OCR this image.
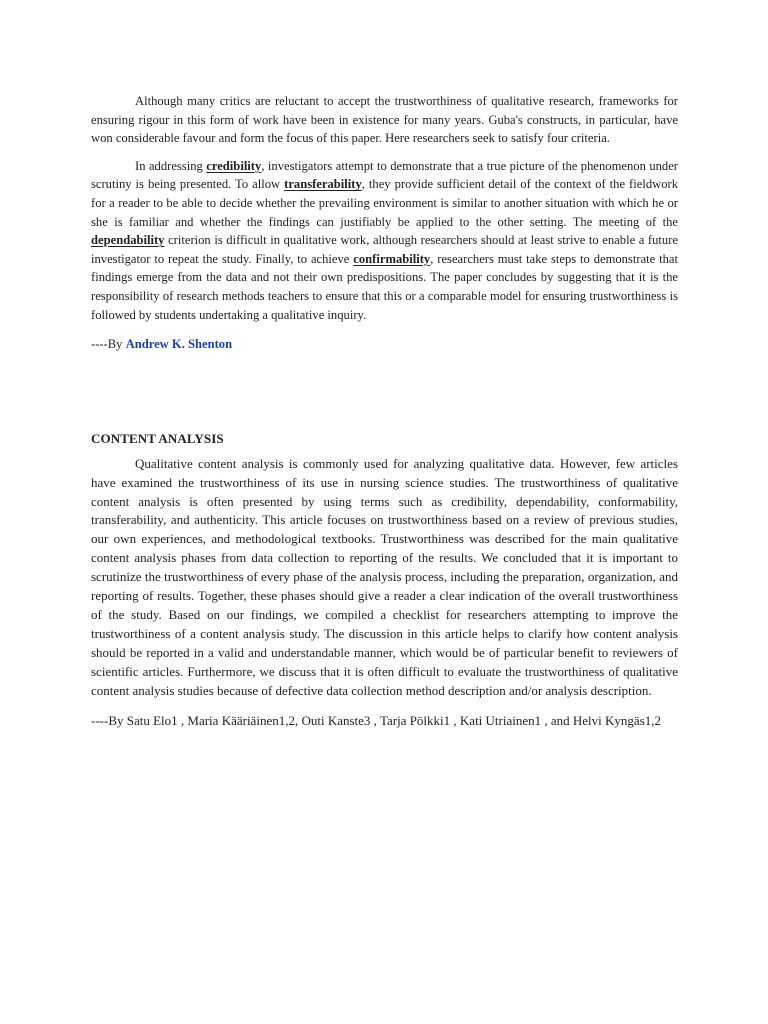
Although many critics are reluctant to accept the trustworthiness of qualitative research, frameworks for ensuring rigour in this form of work have been in existence for many years. Guba's constructs, in particular, have won considerable favour and form the focus of this paper. Here researchers seek to satisfy four criteria.

In addressing credibility, investigators attempt to demonstrate that a true picture of the phenomenon under scrutiny is being presented. To allow transferability, they provide sufficient detail of the context of the fieldwork for a reader to be able to decide whether the prevailing environment is similar to another situation with which he or she is familiar and whether the findings can justifiably be applied to the other setting. The meeting of the dependability criterion is difficult in qualitative work, although researchers should at least strive to enable a future investigator to repeat the study. Finally, to achieve confirmability, researchers must take steps to demonstrate that findings emerge from the data and not their own predispositions. The paper concludes by suggesting that it is the responsibility of research methods teachers to ensure that this or a comparable model for ensuring trustworthiness is followed by students undertaking a qualitative inquiry.

----By Andrew K. Shenton

CONTENT ANALYSIS

Qualitative content analysis is commonly used for analyzing qualitative data. However, few articles have examined the trustworthiness of its use in nursing science studies. The trustworthiness of qualitative content analysis is often presented by using terms such as credibility, dependability, conformability, transferability, and authenticity. This article focuses on trustworthiness based on a review of previous studies, our own experiences, and methodological textbooks. Trustworthiness was described for the main qualitative content analysis phases from data collection to reporting of the results. We concluded that it is important to scrutinize the trustworthiness of every phase of the analysis process, including the preparation, organization, and reporting of results. Together, these phases should give a reader a clear indication of the overall trustworthiness of the study. Based on our findings, we compiled a checklist for researchers attempting to improve the trustworthiness of a content analysis study. The discussion in this article helps to clarify how content analysis should be reported in a valid and understandable manner, which would be of particular benefit to reviewers of scientific articles. Furthermore, we discuss that it is often difficult to evaluate the trustworthiness of qualitative content analysis studies because of defective data collection method description and/or analysis description.

----By Satu Elo1 , Maria Kääriäinen1,2, Outi Kanste3 , Tarja Pölkki1 , Kati Utriainen1 , and Helvi Kyngäs1,2
